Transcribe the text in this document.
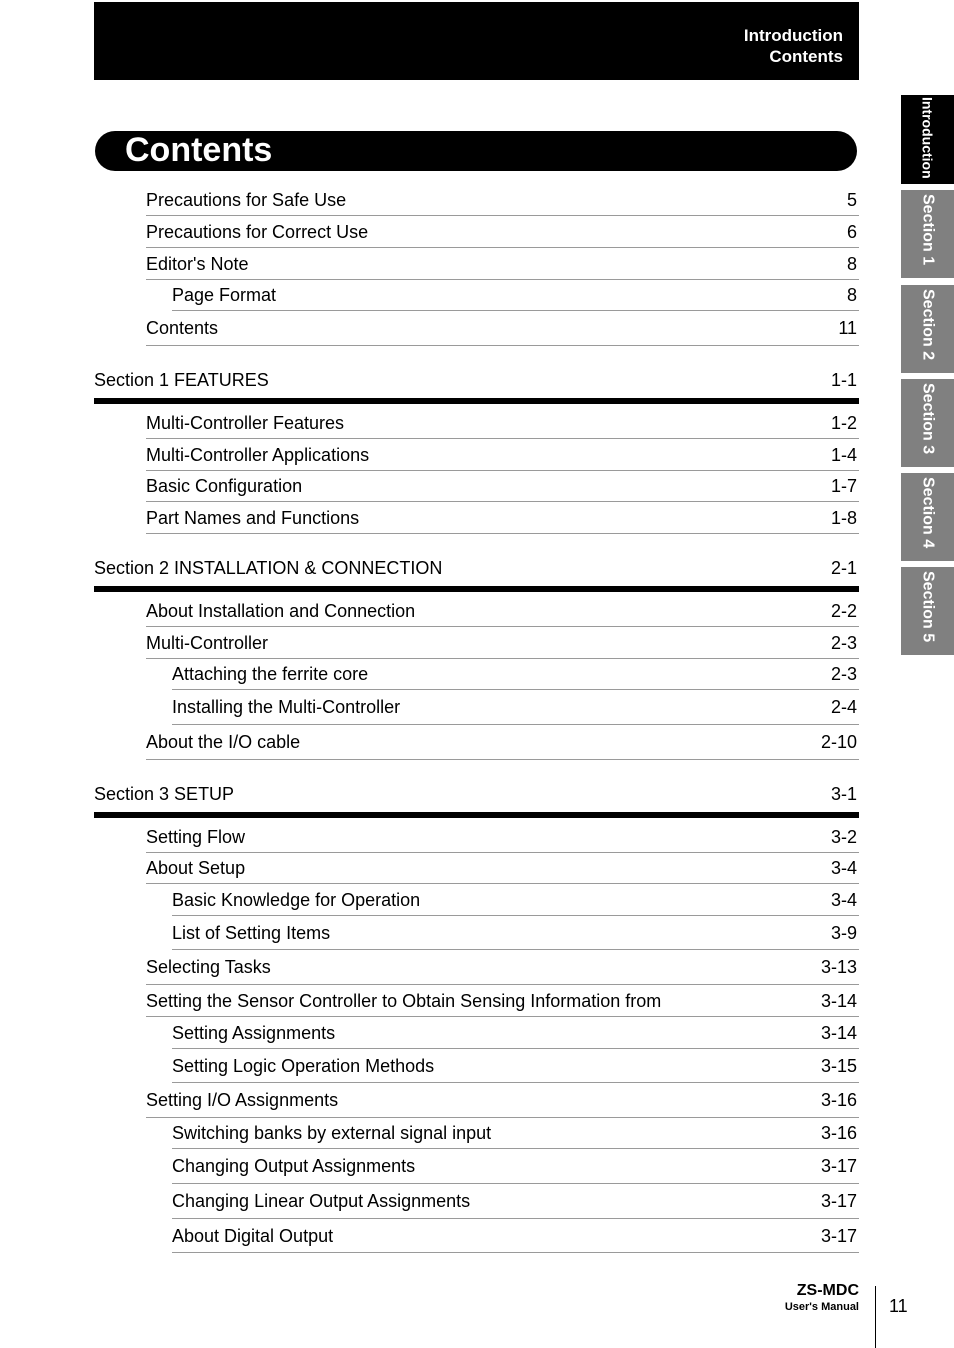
Introduction
Contents
Contents
Precautions for Safe Use	5
Precautions for Correct Use	6
Editor's Note	8
Page Format	8
Contents	11
Section 1 FEATURES	1-1
Multi-Controller Features	1-2
Multi-Controller Applications	1-4
Basic Configuration	1-7
Part Names and Functions	1-8
Section 2 INSTALLATION & CONNECTION	2-1
About Installation and Connection	2-2
Multi-Controller	2-3
Attaching the ferrite core	2-3
Installing the Multi-Controller	2-4
About the I/O cable	2-10
Section 3 SETUP	3-1
Setting Flow	3-2
About Setup	3-4
Basic Knowledge for Operation	3-4
List of Setting Items	3-9
Selecting Tasks	3-13
Setting the Sensor Controller to Obtain Sensing Information from	3-14
Setting Assignments	3-14
Setting Logic Operation Methods	3-15
Setting I/O Assignments	3-16
Switching banks by external signal input	3-16
Changing Output Assignments	3-17
Changing Linear Output Assignments	3-17
About Digital Output	3-17
Introduction
Section 1
Section 2
Section 3
Section 4
Section 5
ZS-MDC
User's Manual 11
